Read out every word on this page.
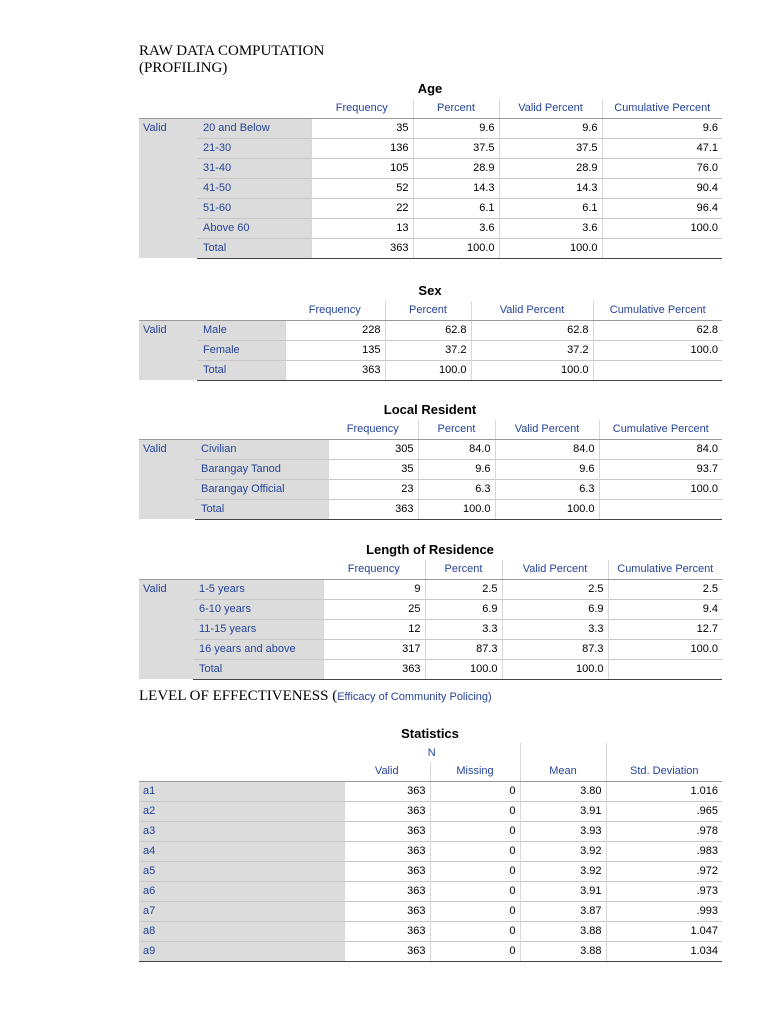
RAW DATA COMPUTATION
(PROFILING)
Age
		Frequency	Percent	Valid Percent	Cumulative Percent
Valid	20 and Below	35	9.6	9.6	9.6
	21-30	136	37.5	37.5	47.1
	31-40	105	28.9	28.9	76.0
	41-50	52	14.3	14.3	90.4
	51-60	22	6.1	6.1	96.4
	Above 60	13	3.6	3.6	100.0
	Total	363	100.0	100.0	
Sex
		Frequency	Percent	Valid Percent	Cumulative Percent
Valid	Male	228	62.8	62.8	62.8
	Female	135	37.2	37.2	100.0
	Total	363	100.0	100.0	
Local Resident
		Frequency	Percent	Valid Percent	Cumulative Percent
Valid	Civilian	305	84.0	84.0	84.0
	Barangay Tanod	35	9.6	9.6	93.7
	Barangay Official	23	6.3	6.3	100.0
	Total	363	100.0	100.0	
Length of Residence
		Frequency	Percent	Valid Percent	Cumulative Percent
Valid	1-5 years	9	2.5	2.5	2.5
	6-10 years	25	6.9	6.9	9.4
	11-15 years	12	3.3	3.3	12.7
	16 years and above	317	87.3	87.3	100.0
	Total	363	100.0	100.0	
LEVEL OF EFFECTIVENESS (Efficacy of Community Policing)
Statistics
	N			
	Valid	Missing	Mean	Std. Deviation
a1	363	0	3.80	1.016
a2	363	0	3.91	.965
a3	363	0	3.93	.978
a4	363	0	3.92	.983
a5	363	0	3.92	.972
a6	363	0	3.91	.973
a7	363	0	3.87	.993
a8	363	0	3.88	1.047
a9	363	0	3.88	1.034
